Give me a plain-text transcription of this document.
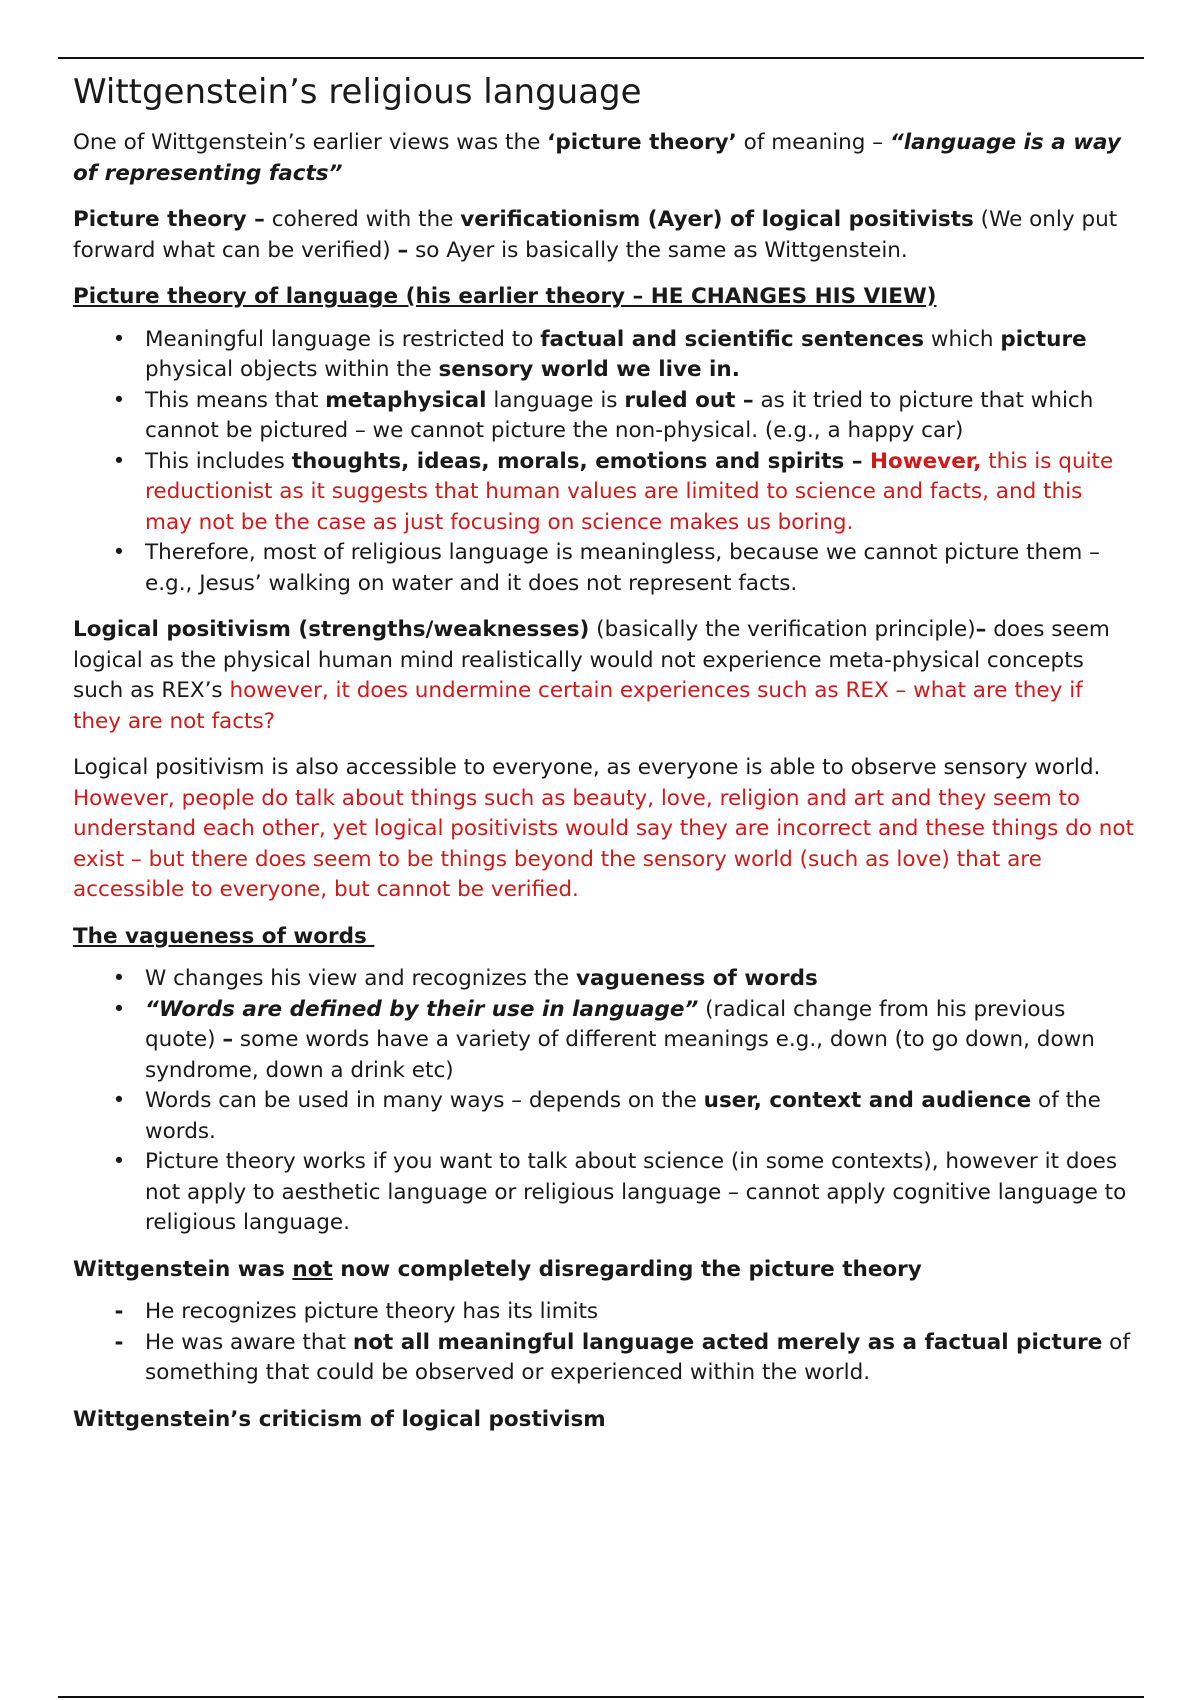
Wittgenstein’s religious language

One of Wittgenstein’s earlier views was the ‘picture theory’ of meaning – “language is a way of representing facts”

Picture theory – cohered with the verificationism (Ayer) of logical positivists (We only put forward what can be verified) – so Ayer is basically the same as Wittgenstein.

Picture theory of language (his earlier theory – HE CHANGES HIS VIEW)
• Meaningful language is restricted to factual and scientific sentences which picture physical objects within the sensory world we live in.
• This means that metaphysical language is ruled out – as it tried to picture that which cannot be pictured – we cannot picture the non-physical. (e.g., a happy car)
• This includes thoughts, ideas, morals, emotions and spirits – However, this is quite reductionist as it suggests that human values are limited to science and facts, and this may not be the case as just focusing on science makes us boring.
• Therefore, most of religious language is meaningless, because we cannot picture them – e.g., Jesus’ walking on water and it does not represent facts.

Logical positivism (strengths/weaknesses) (basically the verification principle)– does seem logical as the physical human mind realistically would not experience meta-physical concepts such as REX’s however, it does undermine certain experiences such as REX – what are they if they are not facts?

Logical positivism is also accessible to everyone, as everyone is able to observe sensory world. However, people do talk about things such as beauty, love, religion and art and they seem to understand each other, yet logical positivists would say they are incorrect and these things do not exist – but there does seem to be things beyond the sensory world (such as love) that are accessible to everyone, but cannot be verified.

The vagueness of words
• W changes his view and recognizes the vagueness of words
• “Words are defined by their use in language” (radical change from his previous quote) – some words have a variety of different meanings e.g., down (to go down, down syndrome, down a drink etc)
• Words can be used in many ways – depends on the user, context and audience of the words.
• Picture theory works if you want to talk about science (in some contexts), however it does not apply to aesthetic language or religious language – cannot apply cognitive language to religious language.
Wittgenstein was not now completely disregarding the picture theory
- He recognizes picture theory has its limits
- He was aware that not all meaningful language acted merely as a factual picture of something that could be observed or experienced within the world.
Wittgenstein’s criticism of logical postivism
